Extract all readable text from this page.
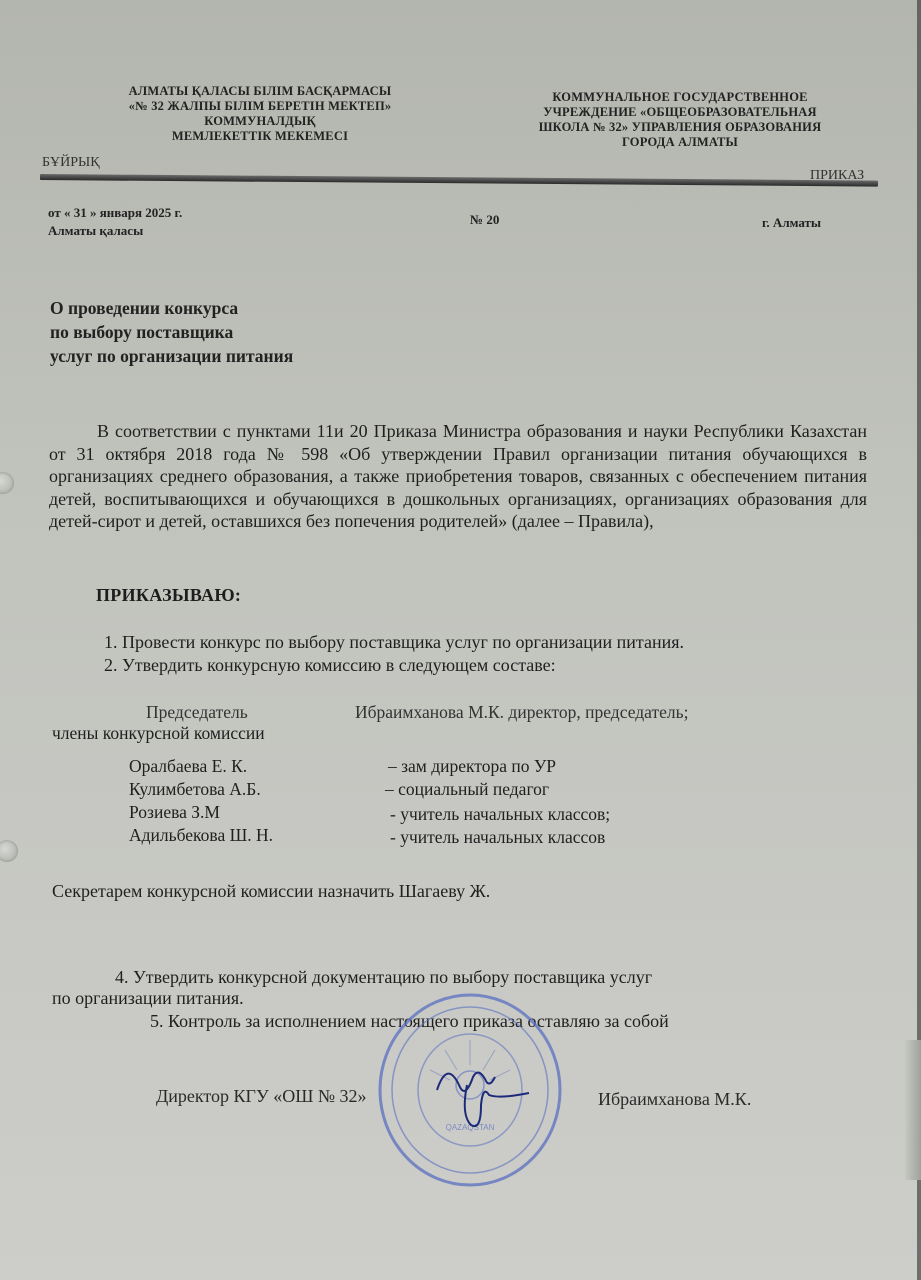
АЛМАТЫ ҚАЛАСЫ БІЛІМ БАСҚАРМАСЫ
«№ 32 ЖАЛПЫ БІЛІМ БЕРЕТІН МЕКТЕП»
КОММУНАЛДЫҚ
МЕМЛЕКЕТТІК МЕКЕМЕСІ
КОММУНАЛЬНОЕ ГОСУДАРСТВЕННОЕ
УЧРЕЖДЕНИЕ «ОБЩЕОБРАЗОВАТЕЛЬНАЯ
ШКОЛА № 32» УПРАВЛЕНИЯ ОБРАЗОВАНИЯ
ГОРОДА АЛМАТЫ
БҰЙРЫҚ
ПРИКАЗ
от « 31 » января 2025 г.
Алматы қаласы
№ 20	г. Алматы
О проведении конкурса
по выбору поставщика
услуг по организации питания
В соответствии с пунктами 11и 20 Приказа Министра образования и науки Республики Казахстан от 31 октября 2018 года № 598 «Об утверждении Правил организации питания обучающихся в организациях среднего образования, а также приобретения товаров, связанных с обеспечением питания детей, воспитывающихся и обучающихся в дошкольных организациях, организациях образования для детей-сирот и детей, оставшихся без попечения родителей» (далее – Правила),
ПРИКАЗЫВАЮ:
1. Провести конкурс по выбору поставщика услуг по организации питания.
2. Утвердить конкурсную комиссию в следующем составе:
Председатель	Ибраимханова М.К. директор, председатель;
члены конкурсной комиссии
Оралбаева Е. К.	– зам директора по УР
Кулимбетова А.Б.	– социальный педагог
Розиева З.М	- учитель начальных классов;
Адильбекова Ш. Н.	- учитель начальных классов
Секретарем конкурсной комиссии назначить Шагаеву Ж.
4. Утвердить конкурсной документацию по выбору поставщика услуг
по организации питания.
5. Контроль за исполнением настоящего приказа оставляю за собой
QAZAQSTAN
Директор КГУ «ОШ № 32»	Ибраимханова М.К.
